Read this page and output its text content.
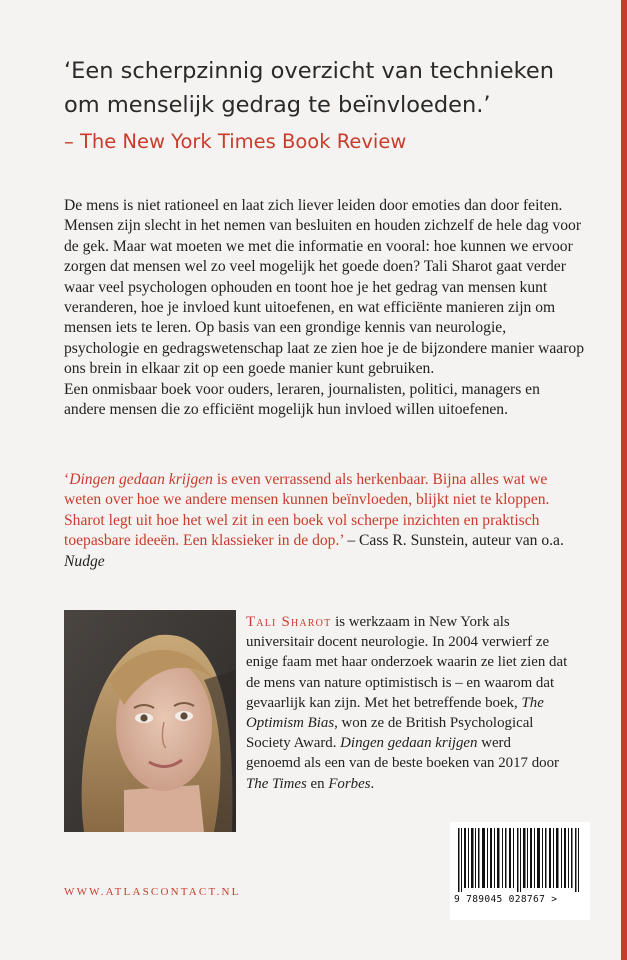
‘Een scherpzinnig overzicht van technieken
om menselijk gedrag te beïnvloeden.’
– The New York Times Book Review

De mens is niet rationeel en laat zich liever leiden door emoties dan door feiten. Mensen zijn slecht in het nemen van besluiten en houden zichzelf de hele dag voor de gek. Maar wat moeten we met die informatie en vooral: hoe kunnen we ervoor zorgen dat mensen wel zo veel mogelijk het goede doen? Tali Sharot gaat verder waar veel psychologen ophouden en toont hoe je het gedrag van mensen kunt veranderen, hoe je invloed kunt uitoefenen, en wat efficiënte manieren zijn om mensen iets te leren. Op basis van een grondige kennis van neurologie, psychologie en gedragswetenschap laat ze zien hoe je de bijzondere manier waarop ons brein in elkaar zit op een goede manier kunt gebruiken.

Een onmisbaar boek voor ouders, leraren, journalisten, politici, managers en andere mensen die zo efficiënt mogelijk hun invloed willen uitoefenen.

‘Dingen gedaan krijgen is even verrassend als herkenbaar. Bijna alles wat we weten over hoe we andere mensen kunnen beïnvloeden, blijkt niet te kloppen. Sharot legt uit hoe het wel zit in een boek vol scherpe inzichten en praktisch toepasbare ideeën. Een klassieker in de dop.’ – Cass R. Sunstein, auteur van o.a. Nudge
Tali Sharot is werkzaam in New York als universitair docent neurologie. In 2004 verwierf ze enige faam met haar onderzoek waarin ze liet zien dat de mens van nature optimistisch is – en waarom dat gevaarlijk kan zijn. Met het betreffende boek, The Optimism Bias, won ze de British Psychological Society Award. Dingen gedaan krijgen werd genoemd als een van de beste boeken van 2017 door The Times en Forbes.
WWW.ATLASCONTACT.NL
9 789045 028767 >
